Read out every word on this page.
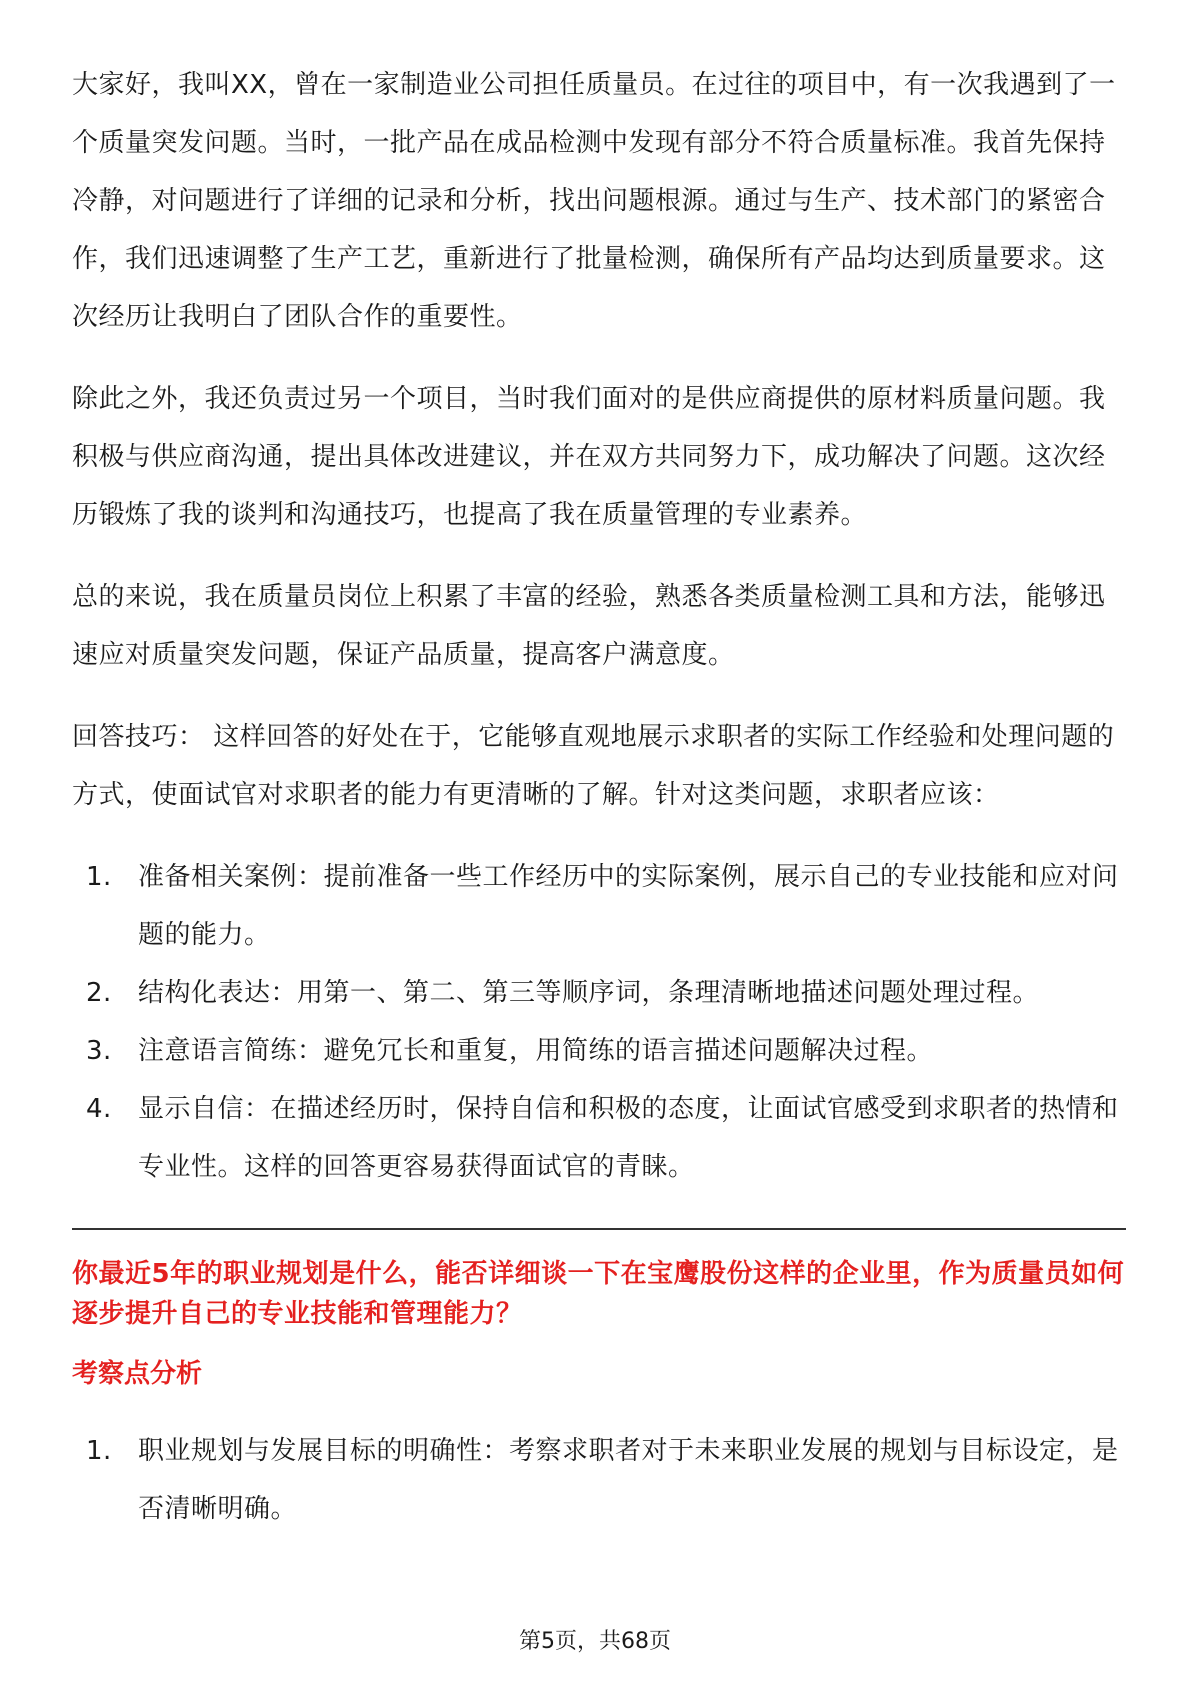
大家好，我叫XX，曾在一家制造业公司担任质量员。在过往的项目中，有一次我遇到了一个质量突发问题。当时，一批产品在成品检测中发现有部分不符合质量标准。我首先保持冷静，对问题进行了详细的记录和分析，找出问题根源。通过与生产、技术部门的紧密合作，我们迅速调整了生产工艺，重新进行了批量检测，确保所有产品均达到质量要求。这次经历让我明白了团队合作的重要性。

除此之外，我还负责过另一个项目，当时我们面对的是供应商提供的原材料质量问题。我积极与供应商沟通，提出具体改进建议，并在双方共同努力下，成功解决了问题。这次经历锻炼了我的谈判和沟通技巧，也提高了我在质量管理的专业素养。

总的来说，我在质量员岗位上积累了丰富的经验，熟悉各类质量检测工具和方法，能够迅速应对质量突发问题，保证产品质量，提高客户满意度。

回答技巧： 这样回答的好处在于，它能够直观地展示求职者的实际工作经验和处理问题的方式，使面试官对求职者的能力有更清晰的了解。针对这类问题，求职者应该：

1.	准备相关案例：提前准备一些工作经历中的实际案例，展示自己的专业技能和应对问题的能力。
2.	结构化表达：用第一、第二、第三等顺序词，条理清晰地描述问题处理过程。
3.	注意语言简练：避免冗长和重复，用简练的语言描述问题解决过程。
4.	显示自信：在描述经历时，保持自信和积极的态度，让面试官感受到求职者的热情和专业性。这样的回答更容易获得面试官的青睐。
你最近5年的职业规划是什么，能否详细谈一下在宝鹰股份这样的企业里，作为质量员如何逐步提升自己的专业技能和管理能力？
考察点分析
1.	职业规划与发展目标的明确性：考察求职者对于未来职业发展的规划与目标设定，是否清晰明确。
第5页，共68页
